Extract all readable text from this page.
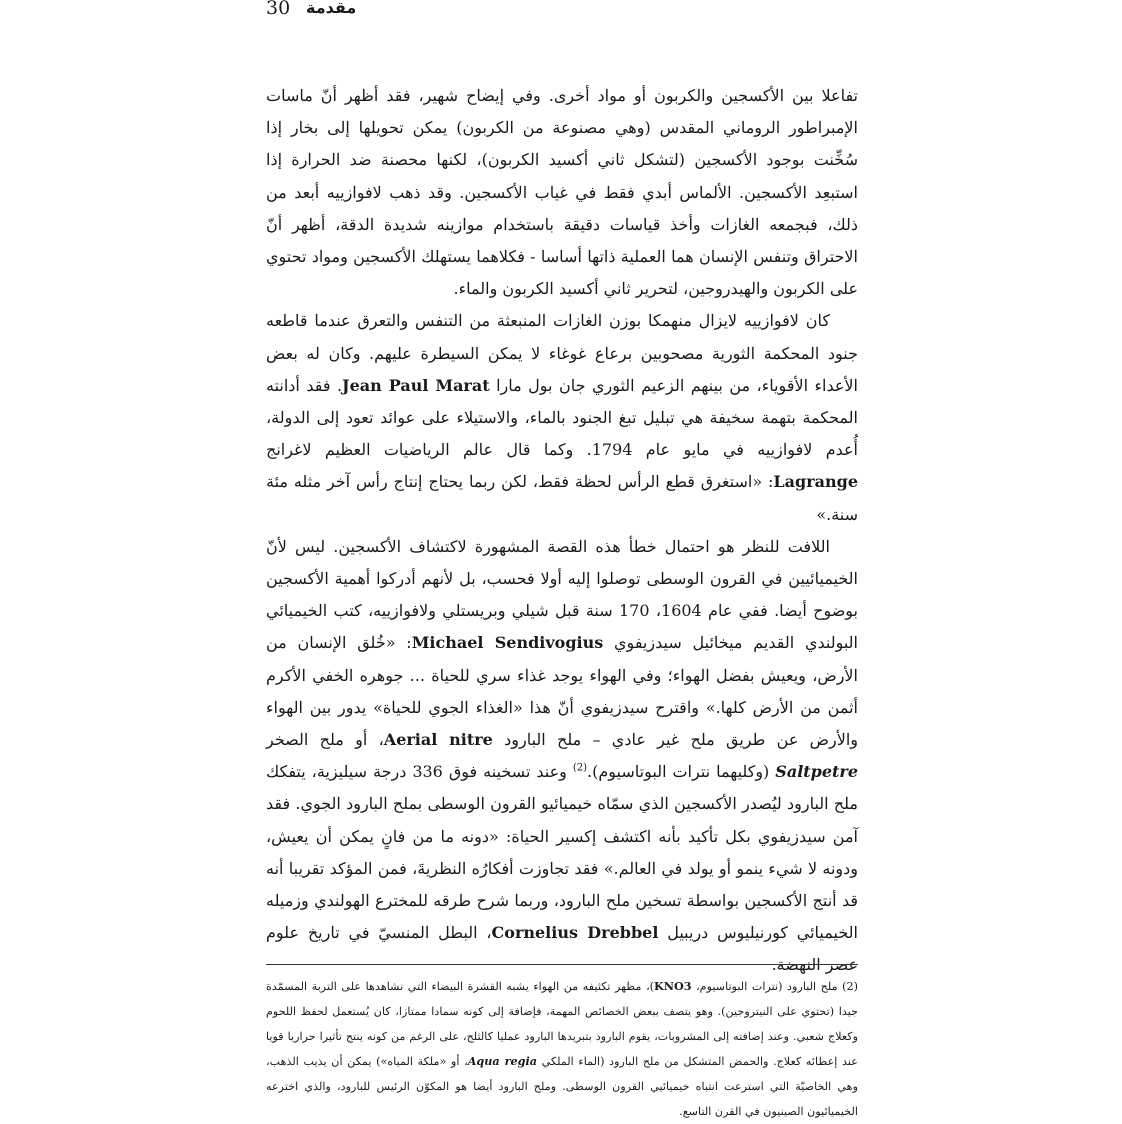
30 مقدمة

تفاعلا بين الأكسجين والكربون أو مواد أخرى. وفي إيضاح شهير، فقد أظهر أنّ ماسات الإمبراطور الروماني المقدس (وهي مصنوعة من الكربون) يمكن تحويلها إلى بخار إذا سُخِّنت بوجود الأكسجين (لتشكل ثاني أكسيد الكربون)، لكنها محصنة ضد الحرارة إذا استبعِد الأكسجين. الألماس أبدي فقط في غياب الأكسجين. وقد ذهب لافوازييه أبعد من ذلك، فبجمعه الغازات وأخذ قياسات دقيقة باستخدام موازينه شديدة الدقة، أظهر أنّ الاحتراق وتنفس الإنسان هما العملية ذاتها أساسا - فكلاهما يستهلك الأكسجين ومواد تحتوي على الكربون والهيدروجين، لتحرير ثاني أكسيد الكربون والماء.

كان لافوازييه لايزال منهمكا بوزن الغازات المنبعثة من التنفس والتعرق عندما قاطعه جنود المحكمة الثورية مصحوبين برعاع غوغاء لا يمكن السيطرة عليهم. وكان له بعض الأعداء الأقوياء، من بينهم الزعيم الثوري جان بول مارا Jean Paul Marat. فقد أدانته المحكمة بتهمة سخيفة هي تبليل تبغ الجنود بالماء، والاستيلاء على عوائد تعود إلى الدولة، أُعدم لافوازييه في مايو عام 1794. وكما قال عالم الرياضيات العظيم لاغرانج Lagrange: «استغرق قطع الرأس لحظة فقط، لكن ربما يحتاج إنتاج رأس آخر مثله مئة سنة.»

اللافت للنظر هو احتمال خطأ هذه القصة المشهورة لاكتشاف الأكسجين. ليس لأنّ الخيميائيين في القرون الوسطى توصلوا إليه أولا فحسب، بل لأنهم أدركوا أهمية الأكسجين بوضوح أيضا. ففي عام 1604، 170 سنة قبل شيلي وبريستلي ولافوازييه، كتب الخيميائي البولندي القديم ميخائيل سيدزيفوي Michael Sendivogius: «خُلق الإنسان من الأرض، ويعيش بفضل الهواء؛ وفي الهواء يوجد غذاء سري للحياة ... جوهره الخفي الأكرم أثمن من الأرض كلها.» واقترح سيدزيفوي أنّ هذا «الغذاء الجوي للحياة» يدور بين الهواء والأرض عن طريق ملح غير عادي – ملح البارود Aerial nitre، أو ملح الصخر Saltpetre (وكليهما نترات البوتاسيوم).$^{(2)}$ وعند تسخينه فوق 336 درجة سيليزية، يتفكك ملح البارود ليُصدر الأكسجين الذي سمّاه خيميائيو القرون الوسطى بملح البارود الجوي. فقد آمن سيدزيفوي بكل تأكيد بأنه اكتشف إكسير الحياة: «دونه ما من فانٍ يمكن أن يعيش، ودونه لا شيء ينمو أو يولد في العالم.» فقد تجاوزت أفكارُه النظريةَ، فمن المؤكد تقريبا أنه قد أنتج الأكسجين بواسطة تسخين ملح البارود، وربما شرح طرقه للمخترع الهولندي وزميله الخيميائي كورنيليوس دريبيل Cornelius Drebbel، البطل المنسيّ في تاريخ علوم عصر النهضة.

(2) ملح البارود (نترات البوتاسيوم، KNO3)، مظهر تكثيفه من الهواء يشبه القشرة البيضاء التي نشاهدها على التربة المسمّدة جيدا (تحتوي على النيتروجين). وهو يتصف ببعض الخصائص المهمة، فإضافة إلى كونه سمادا ممتازا، كان يُستعمل لحفظ اللحوم وكعلاج شعبي. وعند إضافته إلى المشروبات، يقوم البارود بتبريدها البارود عمليا كالثلج، على الرغم من كونه ينتج تأثيرا حراريا قويا عند إعطائه كعلاج. والحمض المتشكل من ملح البارود (الماء الملكي Aqua regia، أو «ملكة المياه») يمكن أن يذيب الذهب، وهي الخاصيّة التي استرعت انتباه خيميائيي القرون الوسطى. وملح البارود أيضا هو المكوّن الرئيس للبارود، والذي اخترعه الخيميائيون الصينيون في القرن التاسع.
